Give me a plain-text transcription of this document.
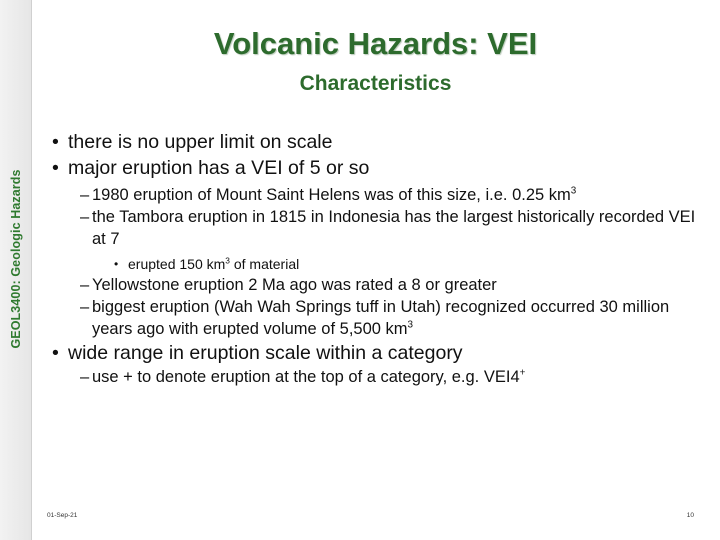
GEOL3400: Geologic Hazards
Volcanic Hazards: VEI
Characteristics
• there is no upper limit on scale
• major eruption has a VEI of 5 or so
– 1980 eruption of Mount Saint Helens was of this size, i.e. 0.25 $km^3$
– the Tambora eruption in 1815 in Indonesia has the largest historically recorded VEI at 7
• erupted 150 $km^3$ of material
– Yellowstone eruption 2 Ma ago was rated a 8 or greater
– biggest eruption (Wah Wah Springs tuff in Utah) recognized occurred 30 million years ago with erupted volume of 5,500 $km^3$
• wide range in eruption scale within a category
– use + to denote eruption at the top of a category, e.g. VEI4+
01-Sep-21	10
